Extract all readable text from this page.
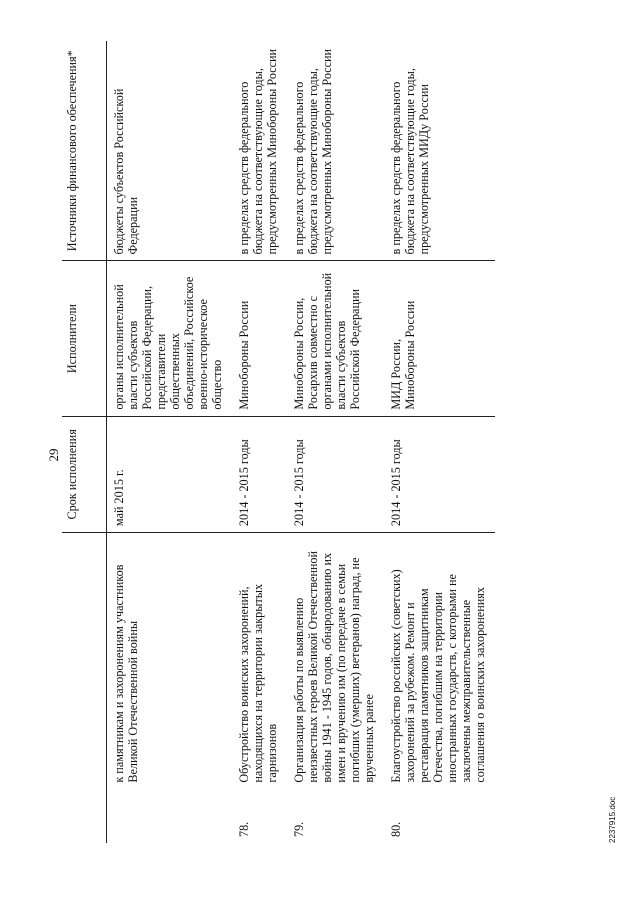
29
		Срок исполнения	Исполнители	Источники финансового обеспечения*
	к памятникам и захоронениям участников Великой Отечественной войны	май 2015 г.	органы исполнительной власти субъектов Российской Федерации, представители общественных объединений, Российское военно-историческое общество	бюджеты субъектов Российской Федерации
78.	Обустройство воинских захоронений, находящихся на территории закрытых гарнизонов	2014 - 2015 годы	Минобороны России	в пределах средств федерального бюджета на соответствующие годы, предусмотренных Минобороны России
79.	Организация работы по выявлению неизвестных героев Великой Отечественной войны 1941 - 1945 годов, обнародованию их имен и вручению им (по передаче в семьи погибших (умерших) ветеранов) наград, не врученных ранее	2014 - 2015 годы	Минобороны России, Росархив совместно с органами исполнительной власти субъектов Российской Федерации	в пределах средств федерального бюджета на соответствующие годы, предусмотренных Минобороны России
80.	Благоустройство российских (советских) захоронений за рубежом. Ремонт и реставрация памятников защитникам Отечества, погибшим на территории иностранных государств, с которыми не заключены межправительственные соглашения о воинских захоронениях	2014 - 2015 годы	МИД России, Минобороны России	в пределах средств федерального бюджета на соответствующие годы, предусмотренных МИДу России
2237915.doc
